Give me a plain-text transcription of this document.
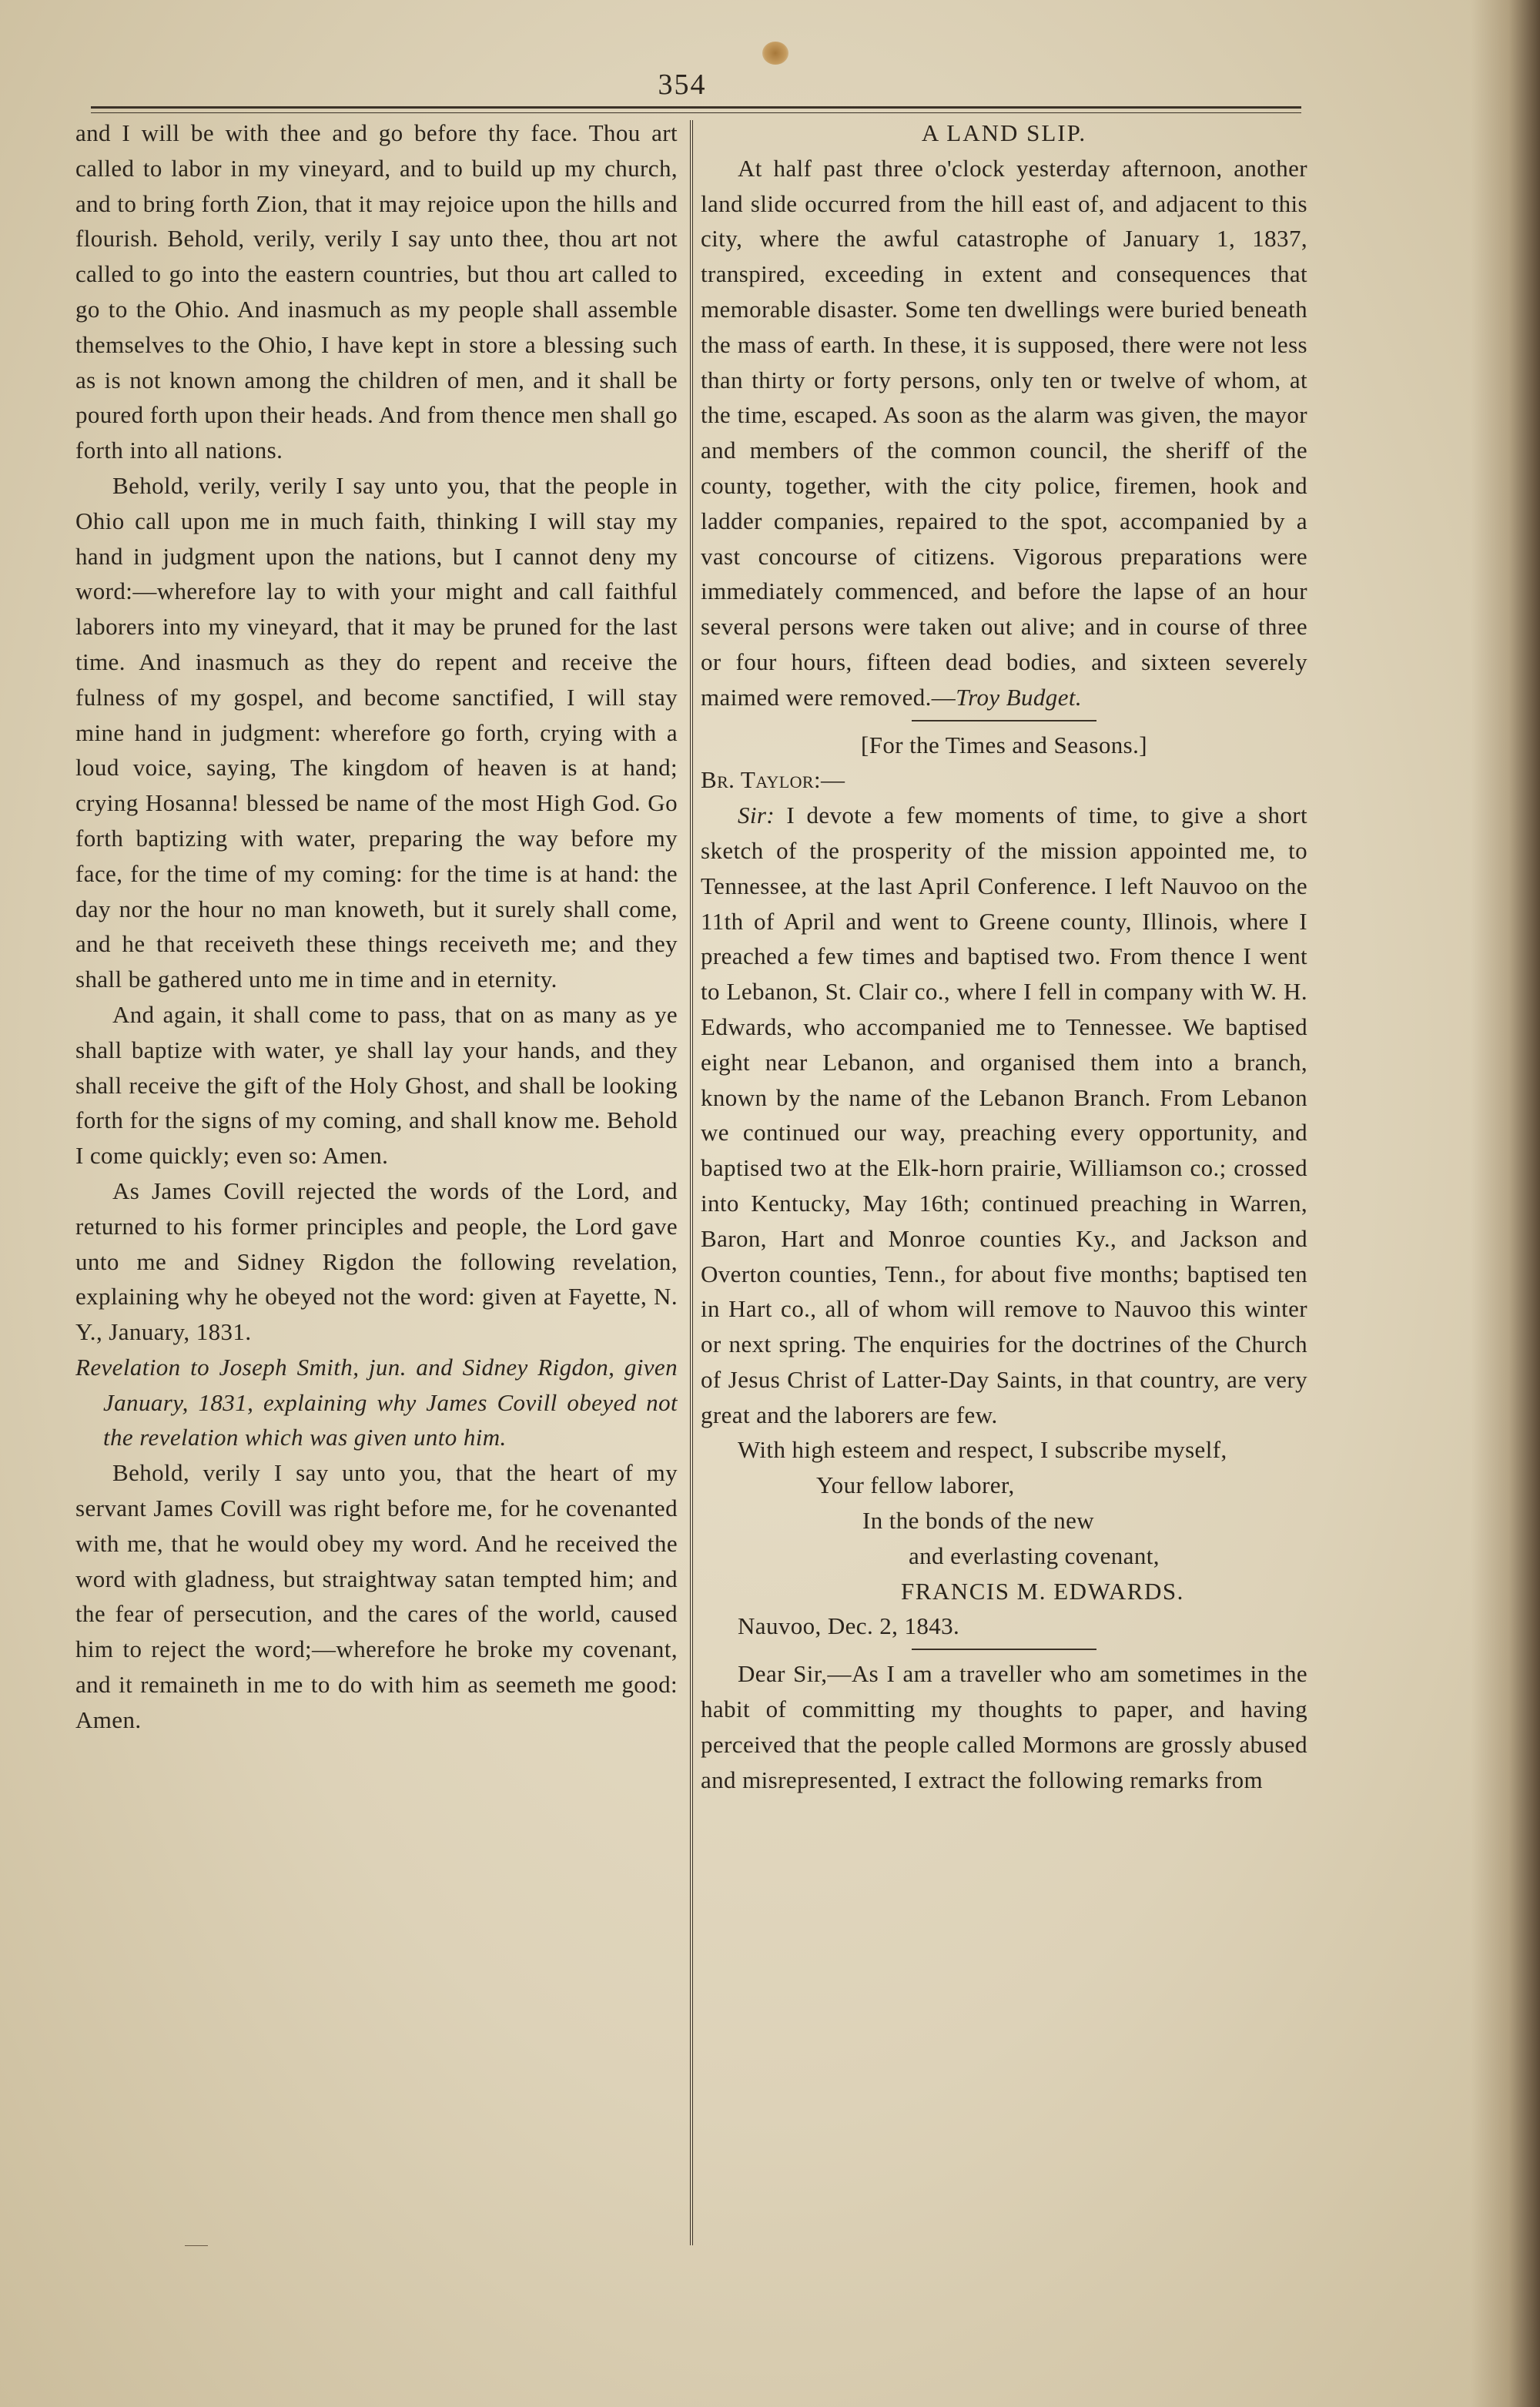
354

and I will be with thee and go before thy face. Thou art called to labor in my vineyard, and to build up my church, and to bring forth Zion, that it may rejoice upon the hills and flourish. Behold, verily, verily I say unto thee, thou art not called to go into the eastern countries, but thou art called to go to the Ohio. And inasmuch as my people shall assemble themselves to the Ohio, I have kept in store a blessing such as is not known among the children of men, and it shall be poured forth upon their heads. And from thence men shall go forth into all nations.

Behold, verily, verily I say unto you, that the people in Ohio call upon me in much faith, thinking I will stay my hand in judgment upon the nations, but I cannot deny my word:—wherefore lay to with your might and call faithful laborers into my vineyard, that it may be pruned for the last time. And inasmuch as they do repent and receive the fulness of my gospel, and become sanctified, I will stay mine hand in judgment: wherefore go forth, crying with a loud voice, saying, The kingdom of heaven is at hand; crying Hosanna! blessed be name of the most High God. Go forth baptizing with water, preparing the way before my face, for the time of my coming: for the time is at hand: the day nor the hour no man knoweth, but it surely shall come, and he that receiveth these things receiveth me; and they shall be gathered unto me in time and in eternity.

And again, it shall come to pass, that on as many as ye shall baptize with water, ye shall lay your hands, and they shall receive the gift of the Holy Ghost, and shall be looking forth for the signs of my coming, and shall know me. Behold I come quickly; even so: Amen.

As James Covill rejected the words of the Lord, and returned to his former principles and people, the Lord gave unto me and Sidney Rigdon the following revelation, explaining why he obeyed not the word: given at Fayette, N. Y., January, 1831.

Revelation to Joseph Smith, jun. and Sidney Rigdon, given January, 1831, explaining why James Covill obeyed not the revelation which was given unto him.

Behold, verily I say unto you, that the heart of my servant James Covill was right before me, for he covenanted with me, that he would obey my word. And he received the word with gladness, but straightway satan tempted him; and the fear of persecution, and the cares of the world, caused him to reject the word;—wherefore he broke my covenant, and it remaineth in me to do with him as seemeth me good: Amen.

A LAND SLIP.

At half past three o'clock yesterday afternoon, another land slide occurred from the hill east of, and adjacent to this city, where the awful catastrophe of January 1, 1837, transpired, exceeding in extent and consequences that memorable disaster. Some ten dwellings were buried beneath the mass of earth. In these, it is supposed, there were not less than thirty or forty persons, only ten or twelve of whom, at the time, escaped. As soon as the alarm was given, the mayor and members of the common council, the sheriff of the county, together, with the city police, firemen, hook and ladder companies, repaired to the spot, accompanied by a vast concourse of citizens. Vigorous preparations were immediately commenced, and before the lapse of an hour several persons were taken out alive; and in course of three or four hours, fifteen dead bodies, and sixteen severely maimed were removed.—Troy Budget.

[For the Times and Seasons.]

Br. Taylor:—

Sir: I devote a few moments of time, to give a short sketch of the prosperity of the mission appointed me, to Tennessee, at the last April Conference. I left Nauvoo on the 11th of April and went to Greene county, Illinois, where I preached a few times and baptised two. From thence I went to Lebanon, St. Clair co., where I fell in company with W. H. Edwards, who accompanied me to Tennessee. We baptised eight near Lebanon, and organised them into a branch, known by the name of the Lebanon Branch. From Lebanon we continued our way, preaching every opportunity, and baptised two at the Elk-horn prairie, Williamson co.; crossed into Kentucky, May 16th; continued preaching in Warren, Baron, Hart and Monroe counties Ky., and Jackson and Overton counties, Tenn., for about five months; baptised ten in Hart co., all of whom will remove to Nauvoo this winter or next spring. The enquiries for the doctrines of the Church of Jesus Christ of Latter-Day Saints, in that country, are very great and the laborers are few.

With high esteem and respect, I subscribe myself,

Your fellow laborer,

In the bonds of the new

and everlasting covenant,

FRANCIS M. EDWARDS.

Nauvoo, Dec. 2, 1843.

Dear Sir,—As I am a traveller who am sometimes in the habit of committing my thoughts to paper, and having perceived that the people called Mormons are grossly abused and misrepresented, I extract the following remarks from
